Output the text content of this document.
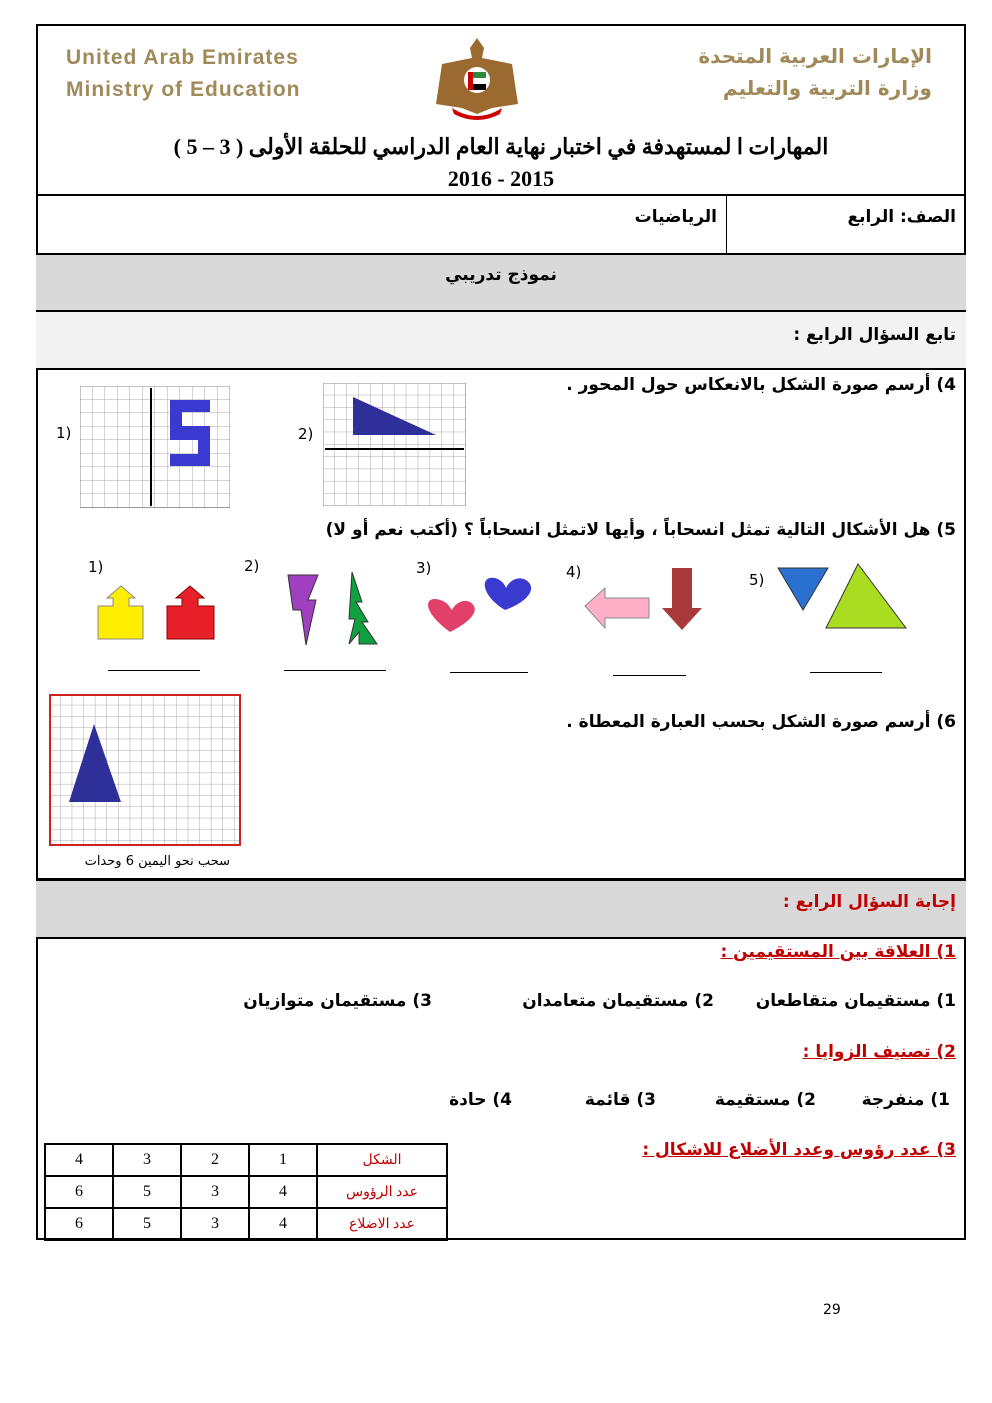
United Arab Emirates
Ministry of Education
الإمارات العربية المتحدة
وزارة التربية والتعليم
المهارات ا لمستهدفة في اختبار نهاية العام الدراسي للحلقة الأولى ( 3 – 5 )
2016 - 2015
الصف: الرابع
الرياضيات
نموذج تدريبي
تابع السؤال الرابع :
4) أرسم صورة الشكل بالانعكاس حول المحور .
1)	2)
5) هل الأشكال التالية تمثل انسحاباً ، وأيها لاتمثل انسحاباً ؟ (أكتب نعم أو لا)
1)	2)	3)	4)	5)
6) أرسم صورة الشكل بحسب العبارة المعطاة .
سحب نحو اليمين 6 وحدات
إجابة السؤال الرابع :
1) العلاقة بين المستقيمين :
1) مستقيمان متقاطعان
2) مستقيمان متعامدان
3) مستقيمان متوازيان
2) تصنيف الزوايا :
1) منفرجة
2) مستقيمة
3) قائمة
4) حادة
3) عدد رؤوس وعدد الأضلاع للاشكال :
4	3	2	1	الشكل
6	5	3	4	عدد الرؤوس
6	5	3	4	عدد الاضلاع
29
